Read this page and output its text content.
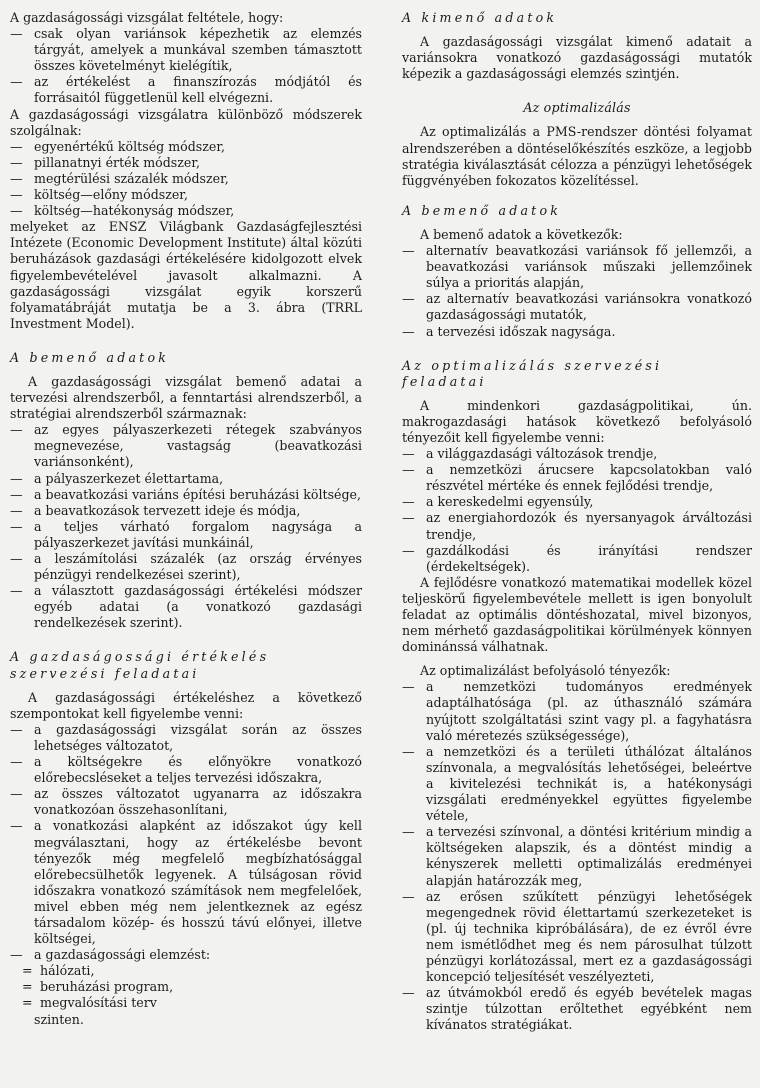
A gazdaságossági vizsgálat feltétele, hogy:

— csak olyan variánsok képezhetik az elemzés tárgyát, amelyek a munkával szemben támasztott összes követelményt kielégítik,
— az értékelést a finanszírozás módjától és forrásaitól függetlenül kell elvégezni.

A gazdaságossági vizsgálatra különböző módszerek szolgálnak:

— egyenértékű költség módszer,
— pillanatnyi érték módszer,
— megtérülési százalék módszer,
— költség—előny módszer,
— költség—hatékonyság módszer,

melyeket az ENSZ Világbank Gazdaságfejlesztési Intézete (Economic Development Institute) által közúti beruházások gazdasági értékelésére kidolgozott elvek figyelembevételével javasolt alkalmazni. A gazdaságossági vizsgálat egyik korszerű folyamatábráját mutatja be a 3. ábra (TRRL Investment Model).

A bemenő adatok

A gazdaságossági vizsgálat bemenő adatai a tervezési alrendszerből, a fenntartási alrendszerből, a stratégiai alrendszerből származnak:

— az egyes pályaszerkezeti rétegek szabványos megnevezése, vastagság (beavatkozási variánsonként),
— a pályaszerkezet élettartama,
— a beavatkozási variáns építési beruházási költsége,
— a beavatkozások tervezett ideje és módja,
— a teljes várható forgalom nagysága a pályaszerkezet javítási munkáinál,
— a leszámítolási százalék (az ország érvényes pénzügyi rendelkezései szerint),
— a választott gazdaságossági értékelési módszer egyéb adatai (a vonatkozó gazdasági rendelkezések szerint).
A gazdaságossági értékelés szervezési feladatai

A gazdaságossági értékeléshez a következő szempontokat kell figyelembe venni:

— a gazdaságossági vizsgálat során az összes lehetséges változatot,
— a költségekre és előnyökre vonatkozó előrebecsléseket a teljes tervezési időszakra,
— az összes változatot ugyanarra az időszakra vonatkozóan összehasonlítani,
— a vonatkozási alapként az időszakot úgy kell megválasztani, hogy az értékelésbe bevont tényezők még megfelelő megbízhatósággal előrebecsülhetők legyenek. A túlságosan rövid időszakra vonatkozó számítások nem megfelelőek, mivel ebben még nem jelentkeznek az egész társadalom közép- és hosszú távú előnyei, illetve költségei,
— a gazdaságossági elemzést:
= hálózati,
= beruházási program,
= megvalósítási terv
szinten.
A kimenő adatok

A gazdaságossági vizsgálat kimenő adatait a variánsokra vonatkozó gazdaságossági mutatók képezik a gazdaságossági elemzés szintjén.

Az optimalizálás

Az optimalizálás a PMS-rendszer döntési folyamat alrendszerében a döntéselőkészítés eszköze, a legjobb stratégia kiválasztását célozza a pénzügyi lehetőségek függvényében fokozatos közelítéssel.

A bemenő adatok

A bemenő adatok a következők:

— alternatív beavatkozási variánsok fő jellemzői, a beavatkozási variánsok műszaki jellemzőinek súlya a prioritás alapján,
— az alternatív beavatkozási variánsokra vonatkozó gazdaságossági mutatók,
— a tervezési időszak nagysága.
Az optimalizálás szervezési feladatai

A mindenkori gazdaságpolitikai, ún. makrogazdasági hatások következő befolyásoló tényezőit kell figyelembe venni:

— a világgazdasági változások trendje,
— a nemzetközi árucsere kapcsolatokban való részvétel mértéke és ennek fejlődési trendje,
— a kereskedelmi egyensúly,
— az energiahordozók és nyersanyagok árváltozási trendje,
— gazdálkodási és irányítási rendszer (érdekeltségek).

A fejlődésre vonatkozó matematikai modellek közel teljeskörű figyelembevétele mellett is igen bonyolult feladat az optimális döntéshozatal, mivel bizonyos, nem mérhető gazdaságpolitikai körülmények könnyen dominánssá válhatnak.

Az optimalizálást befolyásoló tényezők:

— a nemzetközi tudományos eredmények adaptálhatósága (pl. az úthasználó számára nyújtott szolgáltatási szint vagy pl. a fagyhatásra való méretezés szükségessége),
— a nemzetközi és a területi úthálózat általános színvonala, a megvalósítás lehetőségei, beleértve a kivitelezési technikát is, a hatékonysági vizsgálati eredményekkel együttes figyelembe vétele,
— a tervezési színvonal, a döntési kritérium mindig a költségeken alapszik, és a döntést mindig a kényszerek melletti optimalizálás eredményei alapján határozzák meg,
— az erősen szűkített pénzügyi lehetőségek megengednek rövid élettartamú szerkezeteket is (pl. új technika kipróbálására), de ez évről évre nem ismétlődhet meg és nem párosulhat túlzott pénzügyi korlátozással, mert ez a gazdaságossági koncepció teljesítését veszélyezteti,
— az útvámokból eredő és egyéb bevételek magas szintje túlzottan erőltethet egyébként nem kívánatos stratégiákat.
